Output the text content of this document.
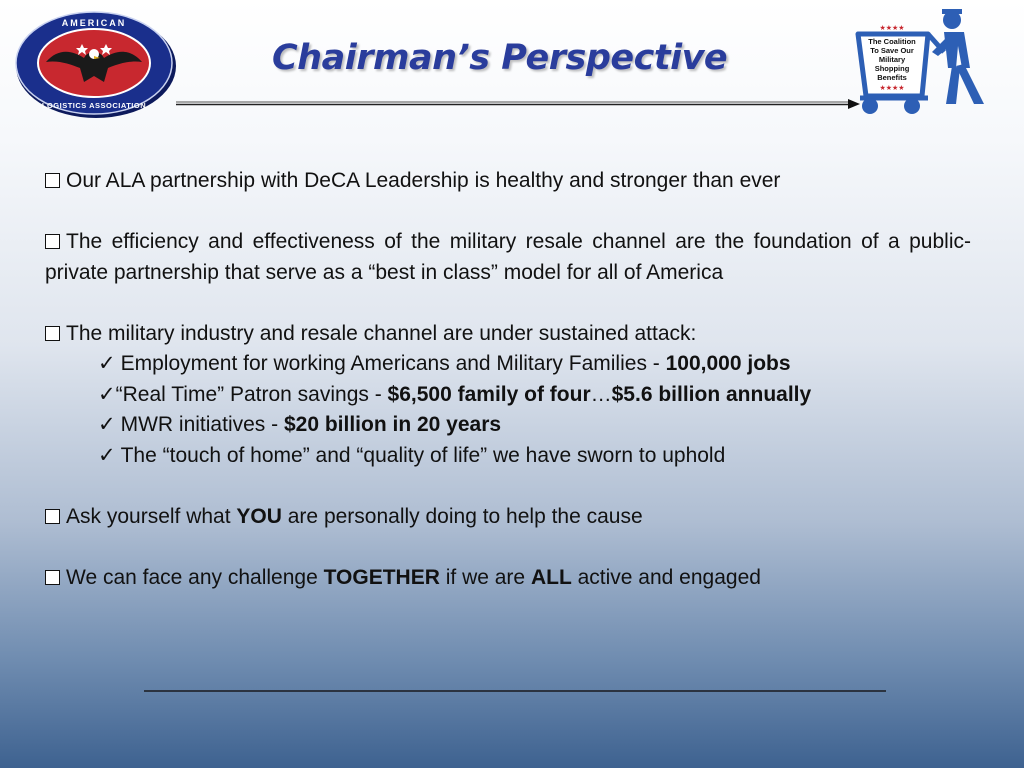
AMERICAN
LOGISTICS ASSOCIATION
Chairman’s Perspective
★★★★
The Coalition
To Save Our
Military
Shopping
Benefits
★★★★
Our ALA partnership with DeCA Leadership is healthy and stronger than ever
The efficiency and effectiveness of the military resale channel are the foundation of a public-private partnership that serve as a “best in class” model for all of America
The military industry and resale channel are under sustained attack:
✓ Employment for working Americans and Military Families - 100,000 jobs
✓“Real Time” Patron savings - $6,500 family of four…$5.6 billion annually
✓ MWR initiatives - $20 billion in 20 years
✓ The “touch of home” and “quality of life” we have sworn to uphold
Ask yourself what YOU are personally doing to help the cause
We can face any challenge TOGETHER if we are ALL active and engaged
